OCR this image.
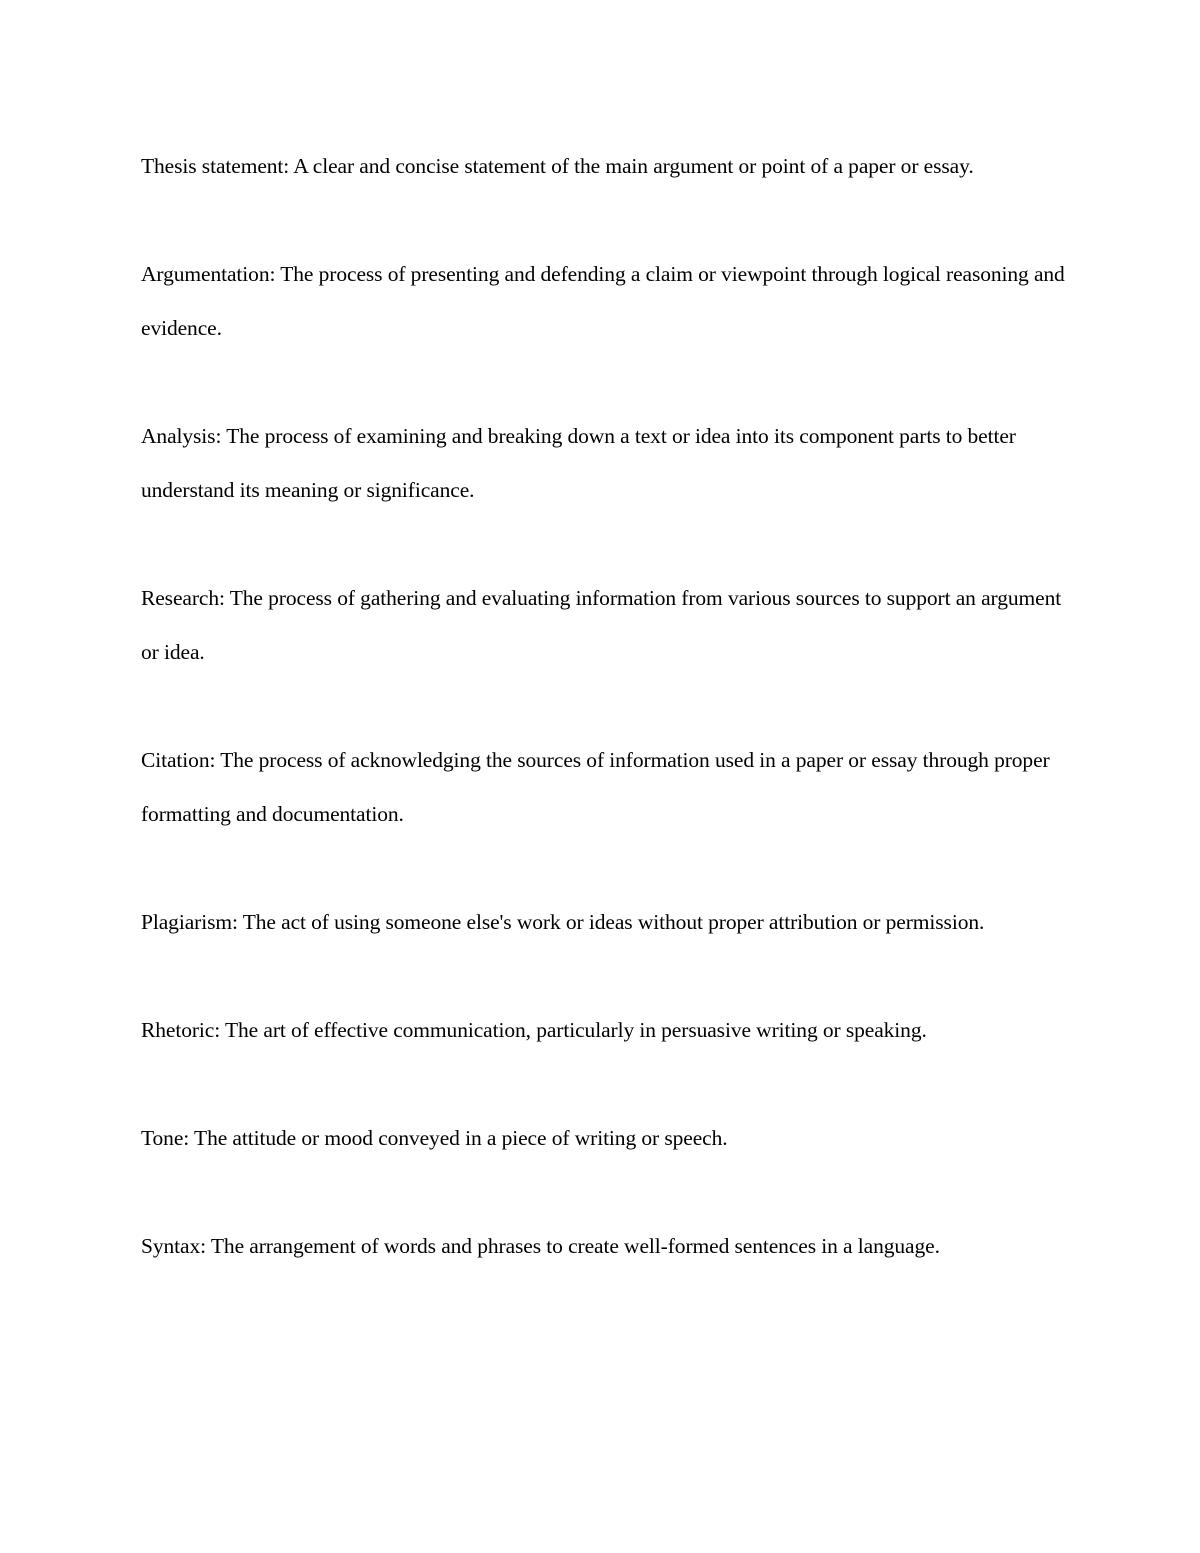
Thesis statement: A clear and concise statement of the main argument or point of a paper or essay.

Argumentation: The process of presenting and defending a claim or viewpoint through logical reasoning and evidence.

Analysis: The process of examining and breaking down a text or idea into its component parts to better understand its meaning or significance.

Research: The process of gathering and evaluating information from various sources to support an argument or idea.

Citation: The process of acknowledging the sources of information used in a paper or essay through proper formatting and documentation.

Plagiarism: The act of using someone else's work or ideas without proper attribution or permission.

Rhetoric: The art of effective communication, particularly in persuasive writing or speaking.

Tone: The attitude or mood conveyed in a piece of writing or speech.

Syntax: The arrangement of words and phrases to create well-formed sentences in a language.
